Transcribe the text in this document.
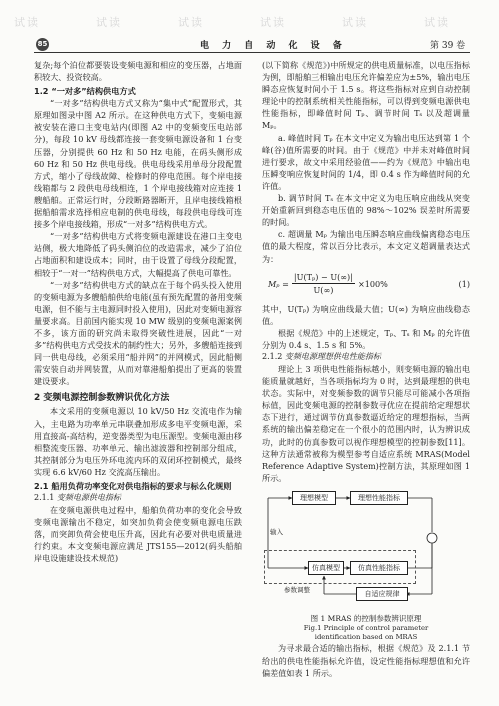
试读	试读	试读	试读	试读	试读
85	电 力 自 动 化 设 备	第 39 卷

复杂;每个泊位都要装设变频电源和相应的变压器，占地面积较大、投资较高。

1.2 “一对多”结构供电方式

“一对多”结构供电方式又称为“集中式”配置形式，其原理如图录中图 A2 所示。在这种供电方式下，变频电源被安装在港口主变电站内(即图 A2 中的变频变压电站部分)，每段 10 kV 母线都连接一套变频电源设备和 1 台变压器，分别提供 60 Hz 和 50 Hz 电能，在码头侧形成 60 Hz 和 50 Hz 供电母线。供电母线采用单母分段配置方式，缩小了母线故障、检修时的停电范围。每个岸电接线箱都与 2 段供电母线相连，1 个岸电接线箱对应连接 1 艘船舶。正常运行时，分段断路器断开，且岸电接线箱根据船舶需求选择相应电制的供电母线，每段供电母线可连接多个岸电接线箱，形成“一对多”结构供电方式。

“一对多”结构供电方式将变频电源建设在港口主变电站侧，极大地降低了码头侧泊位的改造需求，减少了泊位占地面积和建设成本；同时，由于设置了母线分段配置，相较于“一对一”结构供电方式，大幅提高了供电可靠性。

“一对多”结构供电方式的缺点在于每个码头投入使用的变频电源为多艘船舶供给电能(虽有预先配置的备用变频电源，但不能与主电源同时投入使用)，因此对变频电源容量要求高。目前国内能实现 10 MW 级别的变频电源案例不多，该方面的研究尚未取得突破性进展，因此“一对多”结构供电方式受技术的制约性大；另外，多艘船连接到同一供电母线，必须采用“船并网”的并网模式，因此船侧需安装自动并网装置，从而对靠港船舶提出了更高的装置建设要求。

2 变频电源控制参数辨识优化方法

本文采用的变频电源以 10 kV/50 Hz 交流电作为输入，主电路为功率单元串联叠加形成多电平变频电源，采用直接高-高结构，逆变器类型为电压源型。变频电源由移相整流变压器、功率单元、输出滤波器和控制部分组成，其控制部分为电压外环电流内环的双闭环控制模式，最终实现 6.6 kV/60 Hz 交流高压输出。

2.1 船用负荷功率变化对供电指标的要求与标么化规则
2.1.1 变频电源供电指标

在变频电源供电过程中，船舶负荷功率的变化会导致变频电源输出不稳定，如突加负荷会使变频电源电压跌落，而突卸负荷会使电压升高，因此有必要对供电质量进行约束。本文变频电源应满足 JTS155—2012(码头船舶岸电设施建设技术规范)

(以下简称《规范》)中所规定的供电质量标准，以电压指标为例，即船舶三相输出电压允许偏差应为±5%，输出电压瞬态应恢复时间小于 1.5 s。将这些指标对应到自动控制理论中的控制系统相关性能指标，可以得到变频电源供电性能指标，即峰值时间 Tₚ、调节时间 Tₛ 以及超调量 Mₚ。

a. 峰值时间 Tₚ 在本文中定义为输出电压达到第 1 个峰(谷)值所需要的时间。由于《规范》中并未对峰值时间进行要求，故文中采用经验值——约为《规范》中输出电压瞬变响应恢复时间的 1/4，即 0.4 s 作为峰值时间的允许值。

b. 调节时间 Tₛ 在本文中定义为电压响应曲线从突变开始重新回到稳态电压值的 98%～102% 误差时所需要的时间。

c. 超调量 Mₚ 为输出电压瞬态响应曲线偏离稳态电压值的最大程度，常以百分比表示，本文定义超调量表达式为：

$M_p = \frac{\text{|U(Tₚ) − U(∞)|}}{U(\infty)} \times 100\%$	(1)

其中，U(Tₚ) 为响应曲线最大值；U(∞) 为响应曲线稳态值。

根据《规范》中的上述规定，Tₚ、Tₛ 和 Mₚ 的允许值分别为 0.4 s、1.5 s 和 5%。

2.1.2 变频电源理想供电性能指标

理论上 3 项供电性能指标越小，则变频电源的输出电能质量就越好，当各项指标均为 0 时，达到最理想的供电状态。实际中，对变频参数的调节只能尽可能减小各项指标值，因此变频电源的控制参数寻优应在提前给定理想状态下进行，通过调节仿真参数逼近给定的理想指标，当两系统的输出偏差稳定在一个很小的范围内时，认为辨识成功，此时的仿真参数可以视作理想模型的控制参数[11]。这种方法通常被称为模型参考自适应系统 MRAS(Model Reference Adaptive System)控制方法，其原理如图 1 所示。

理想模型	理想性能指标
仿真模型	仿真性能指标
自适应规律
输入
参数调整
图 1 MRAS 的控制参数辨识原理
Fig.1 Principle of control parameter
identification based on MRAS

为寻求最合适的输出指标，根据《规范》及 2.1.1 节给出的供电性能指标允许值，设定性能指标理想值和允许偏差值如表 1 所示。
